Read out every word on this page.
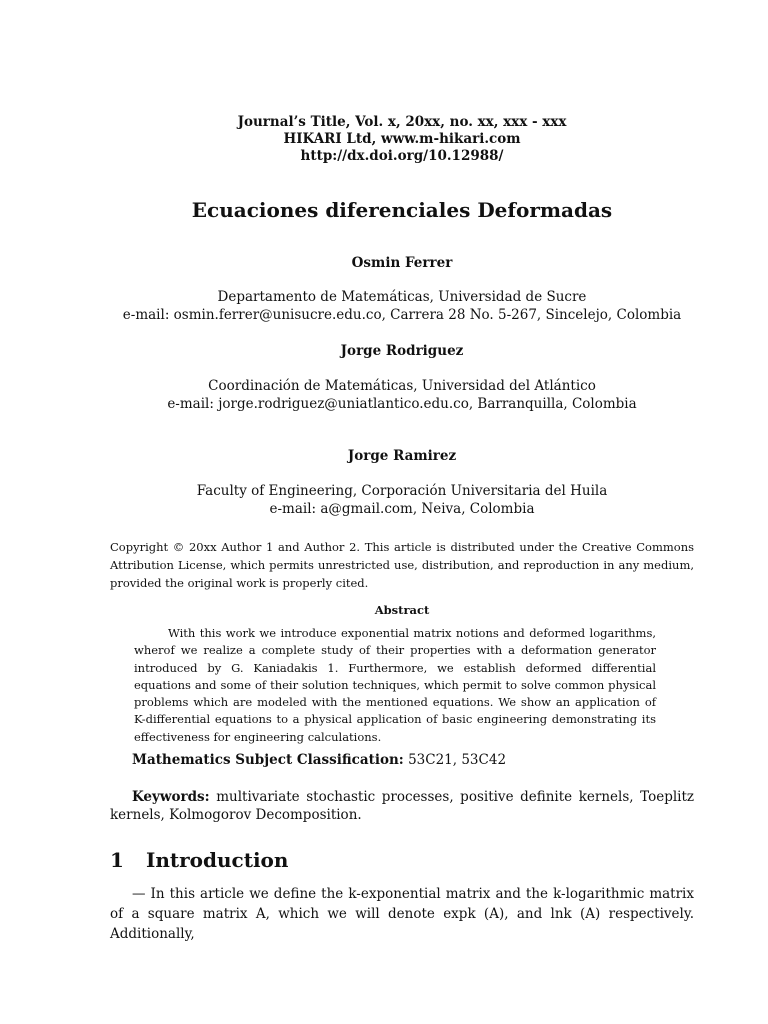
Journal’s Title, Vol. x, 20xx, no. xx, xxx - xxx
HIKARI Ltd, www.m-hikari.com
http://dx.doi.org/10.12988/
Ecuaciones diferenciales Deformadas
Osmin Ferrer
Departamento de Matemáticas, Universidad de Sucre
e-mail: osmin.ferrer@unisucre.edu.co, Carrera 28 No. 5-267, Sincelejo, Colombia
Jorge Rodriguez
Coordinación de Matemáticas, Universidad del Atlántico
e-mail: jorge.rodriguez@uniatlantico.edu.co, Barranquilla, Colombia
Jorge Ramirez
Faculty of Engineering, Corporación Universitaria del Huila
e-mail: a@gmail.com, Neiva, Colombia
Copyright © 20xx Author 1 and Author 2. This article is distributed under the Creative Commons Attribution License, which permits unrestricted use, distribution, and reproduction in any medium, provided the original work is properly cited.
Abstract

With this work we introduce exponential matrix notions and deformed logarithms, wherof we realize a complete study of their properties with a deformation generator introduced by G. Kaniadakis 1. Furthermore, we establish deformed differential equations and some of their solution techniques, which permit to solve common physical problems which are modeled with the mentioned equations. We show an application of K-differential equations to a physical application of basic engineering demonstrating its effectiveness for engineering calculations.

Mathematics Subject Classification: 53C21, 53C42
Keywords: multivariate stochastic processes, positive definite kernels, Toeplitz kernels, Kolmogorov Decomposition.
1 Introduction
— In this article we define the k-exponential matrix and the k-logarithmic matrix of a square matrix A, which we will denote expk (A), and lnk (A) respectively. Additionally,
